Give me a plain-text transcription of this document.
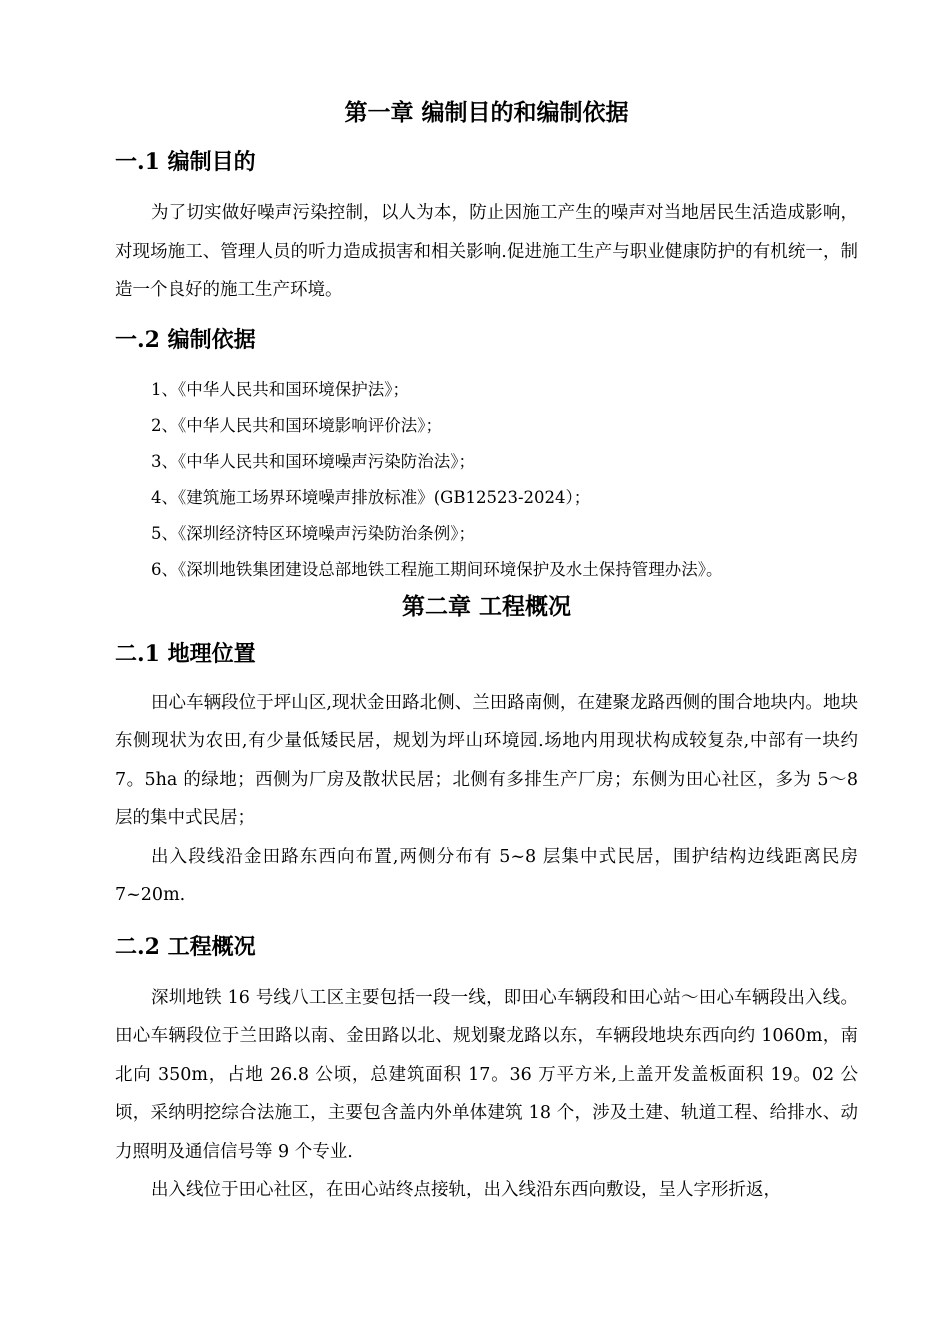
第一章 编制目的和编制依据
一.1 编制目的

为了切实做好噪声污染控制，以人为本，防止因施工产生的噪声对当地居民生活造成影响，对现场施工、管理人员的听力造成损害和相关影响.促进施工生产与职业健康防护的有机统一，制造一个良好的施工生产环境。

一.2 编制依据

1、《中华人民共和国环境保护法》；

2、《中华人民共和国环境影响评价法》；

3、《中华人民共和国环境噪声污染防治法》；

4、《建筑施工场界环境噪声排放标准》(GB12523-2024）；

5、《深圳经济特区环境噪声污染防治条例》；

6、《深圳地铁集团建设总部地铁工程施工期间环境保护及水土保持管理办法》。

第二章 工程概况
二.1 地理位置

田心车辆段位于坪山区,现状金田路北侧、兰田路南侧，在建聚龙路西侧的围合地块内。地块东侧现状为农田,有少量低矮民居，规划为坪山环境园.场地内用现状构成较复杂,中部有一块约 7。5ha 的绿地；西侧为厂房及散状民居；北侧有多排生产厂房；东侧为田心社区，多为 5～8 层的集中式民居；

出入段线沿金田路东西向布置,两侧分布有 5~8 层集中式民居，围护结构边线距离民房 7~20m.

二.2 工程概况

深圳地铁 16 号线八工区主要包括一段一线，即田心车辆段和田心站～田心车辆段出入线。田心车辆段位于兰田路以南、金田路以北、规划聚龙路以东，车辆段地块东西向约 1060m，南北向 350m，占地 26.8 公顷，总建筑面积 17。36 万平方米,上盖开发盖板面积 19。02 公顷，采纳明挖综合法施工，主要包含盖内外单体建筑 18 个，涉及土建、轨道工程、给排水、动力照明及通信信号等 9 个专业.

出入线位于田心社区，在田心站终点接轨，出入线沿东西向敷设，呈人字形折返，
